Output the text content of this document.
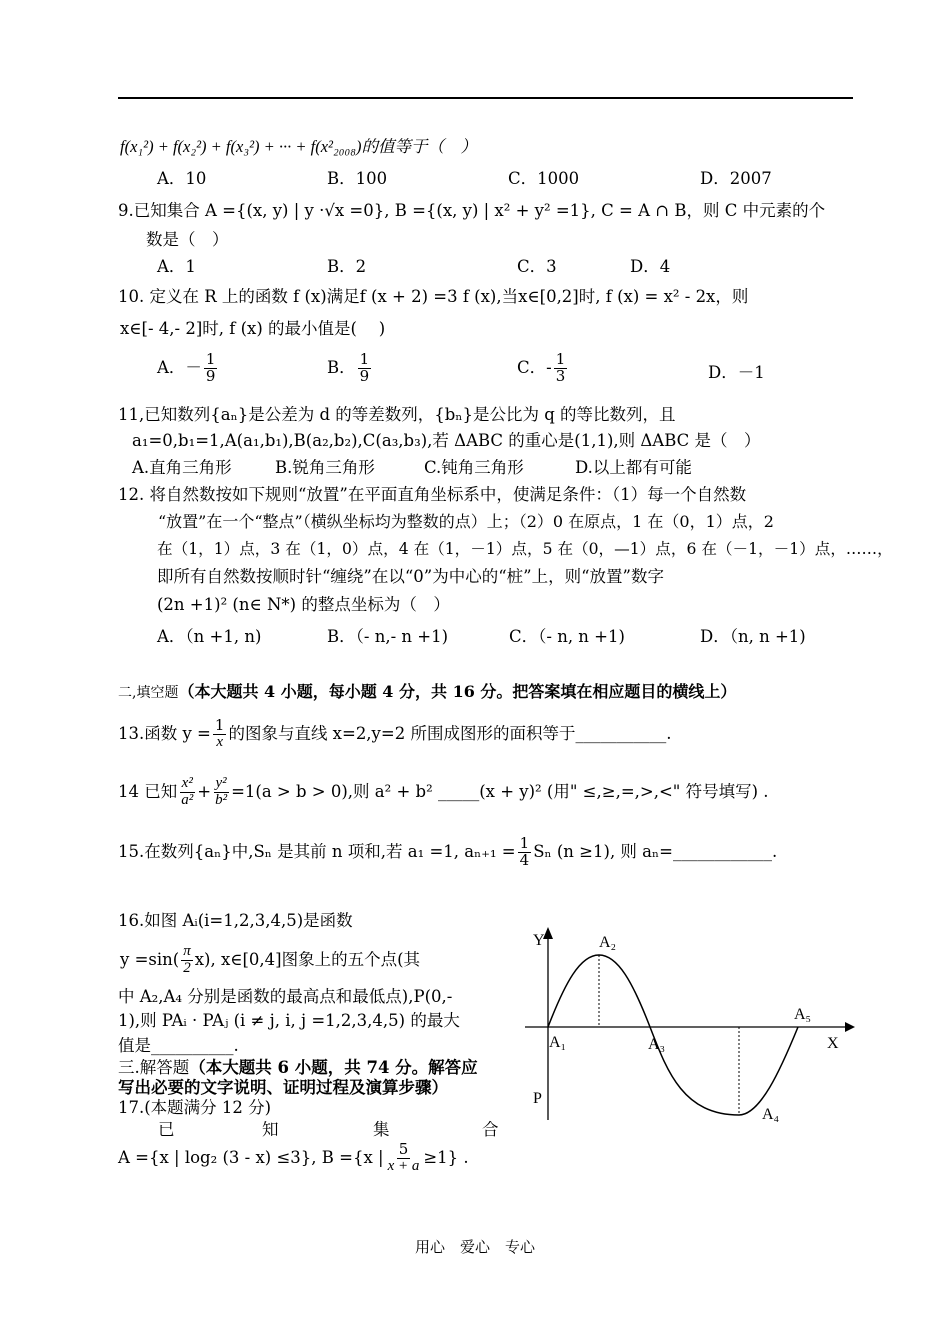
f(x₁²) + f(x₂²) + f(x₃²) + ··· + f(x²₂₀₀₈)的值等于（　）
A．10	B．100	C．1000	D．2007
9.已知集合 A ={(x, y) | y ·√x =0}, B ={(x, y) | x² + y² =1}, C = A ∩ B，则 C 中元素的个
数是（　）
A．1	B．2	C．3	D．4
10. 定义在 R 上的函数 f (x)满足f (x + 2) =3 f (x),当x∈[0,2]时, f (x) = x² - 2x，则
x∈[- 4,- 2]时, f (x) 的最小值是(　 )
A．－ $\frac{1}{9}$	B． $\frac{1}{9}$	C．- $\frac{1}{3}$	D．－1
11,已知数列{aₙ}是公差为 d 的等差数列，{bₙ}是公比为 q 的等比数列，且
a₁=0,b₁=1,A(a₁,b₁),B(a₂,b₂),C(a₃,b₃),若 ΔABC 的重心是(1,1),则 ΔABC 是（　）
A.直角三角形	B.锐角三角形	C.钝角三角形	D.以上都有可能
12. 将自然数按如下规则“放置”在平面直角坐标系中，使满足条件：（1）每一个自然数
“放置”在一个“整点”（横纵坐标均为整数的点）上；（2）0 在原点，1 在（0，1）点，2
在（1，1）点，3 在（1，0）点，4 在（1，－1）点，5 在（0，—1）点，6 在（－1，－1）点，……，
即所有自然数按顺时针“缠绕”在以“0”为中心的“桩”上，则“放置”数字
(2n +1)² (n∈ N*) 的整点坐标为（　）
A．（n +1, n)	B．（- n,- n +1)	C．（- n, n +1)	D．（n, n +1)
二,填空题（本大题共 4 小题，每小题 4 分，共 16 分。把答案填在相应题目的横线上）
13.函数 $y = \frac{1}{x}$ 的图象与直线 x=2,y=2 所围成图形的面积等于___________.
14 已知 $\frac{\text{x²}}{\text{a²}} + \frac{\text{y²}}{\text{b²}} =1(a > b > 0)$,则 a² + b² _____(x + y)² (用" ≤,≥,=,>,<" 符号填写) .
15.在数列{aₙ}中,Sₙ 是其前 n 项和,若 a₁ =1, $a_{n+1} = \frac{1}{4}$ Sₙ (n ≥1), 则 aₙ=____________.
16.如图 Aᵢ(i=1,2,3,4,5)是函数
$y =\sin( \frac{\pi}{2} x)$, x∈[0,4]图象上的五个点(其
中 A₂,A₄ 分别是函数的最高点和最低点),P(0,-
1),则 PAᵢ · PAⱼ (i ≠ j, i, j =1,2,3,4,5) 的最大
值是__________.
三.解答题（本大题共 6 小题，共 74 分。解答应
写出必要的文字说明、证明过程及演算步骤）
17.(本题满分 12 分)
已	知	集	合
A ={x | log₂ (3 - x) ≤3}, B ={x | $\frac{5}{x + a} \ge 1$} .
Y
X
A₁
A₂
A₃
A₄
A₅
P
用心　爱心　专心
